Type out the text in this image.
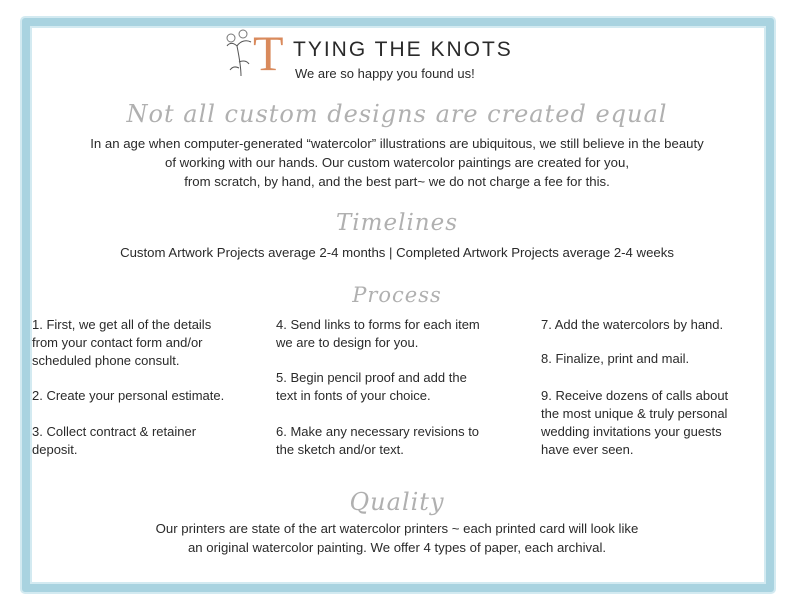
T TYING THE KNOTS
We are so happy you found us!
Not all custom designs are created equal
In an age when computer-generated “watercolor” illustrations are ubiquitous, we still believe in the beauty
of working with our hands. Our custom watercolor paintings are created for you,
from scratch, by hand, and the best part~ we do not charge a fee for this.
Timelines
Custom Artwork Projects average 2-4 months | Completed Artwork Projects average 2-4 weeks
Process
1. First, we get all of the details
from your contact form and/or
scheduled phone consult.
2. Create your personal estimate.
3. Collect contract & retainer
deposit.
4. Send links to forms for each item
we are to design for you.
5. Begin pencil proof and add the
text in fonts of your choice.
6. Make any necessary revisions to
the sketch and/or text.
7. Add the watercolors by hand.
8. Finalize, print and mail.
9. Receive dozens of calls about
the most unique & truly personal
wedding invitations your guests
have ever seen.
Quality
Our printers are state of the art watercolor printers ~ each printed card will look like
an original watercolor painting. We offer 4 types of paper, each archival.
